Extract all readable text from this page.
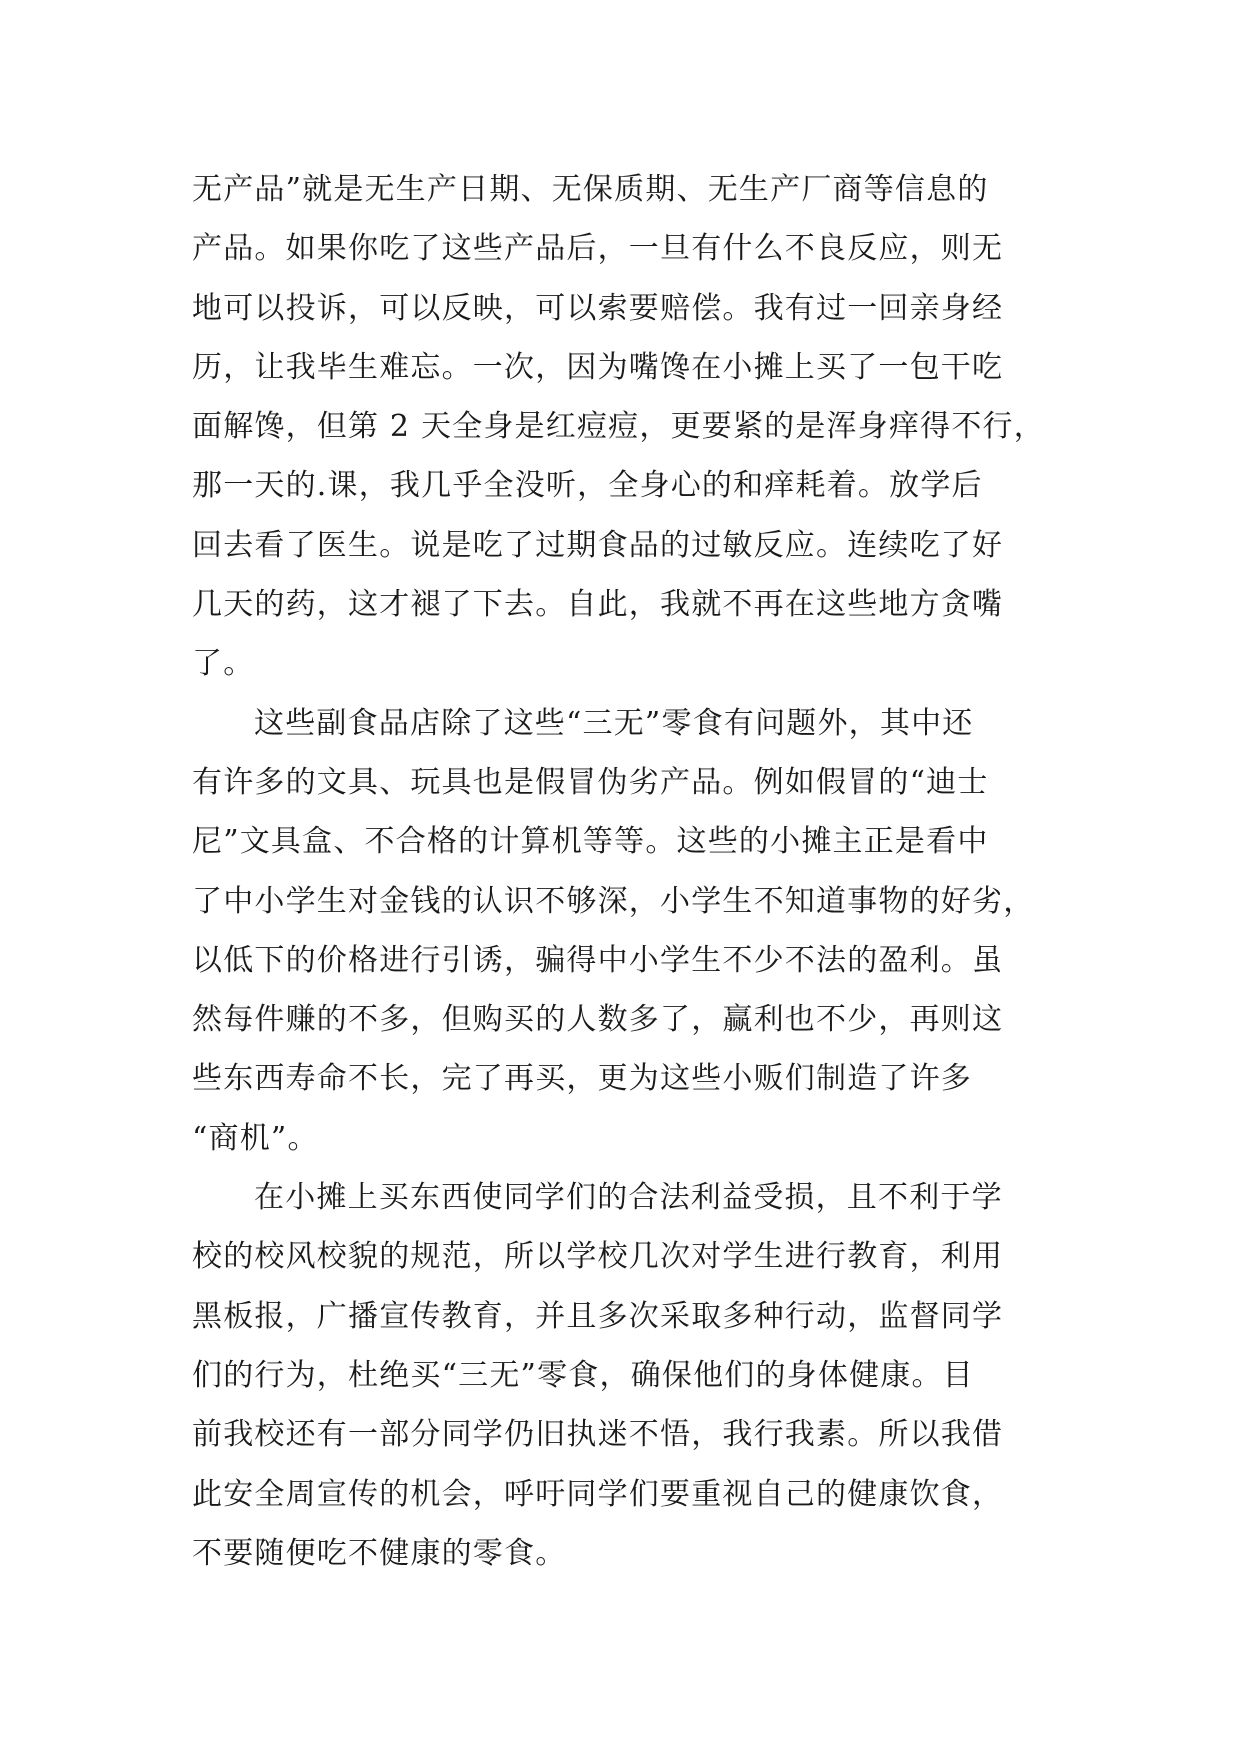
无产品”就是无生产日期、无保质期、无生产厂商等信息的
产品。如果你吃了这些产品后，一旦有什么不良反应，则无
地可以投诉，可以反映，可以索要赔偿。我有过一回亲身经
历，让我毕生难忘。一次，因为嘴馋在小摊上买了一包干吃
面解馋，但第 2 天全身是红痘痘，更要紧的是浑身痒得不行，
那一天的.课，我几乎全没听，全身心的和痒耗着。放学后
回去看了医生。说是吃了过期食品的过敏反应。连续吃了好
几天的药，这才褪了下去。自此，我就不再在这些地方贪嘴
了。
这些副食品店除了这些“三无”零食有问题外，其中还
有许多的文具、玩具也是假冒伪劣产品。例如假冒的“迪士
尼”文具盒、不合格的计算机等等。这些的小摊主正是看中
了中小学生对金钱的认识不够深，小学生不知道事物的好劣，
以低下的价格进行引诱，骗得中小学生不少不法的盈利。虽
然每件赚的不多，但购买的人数多了，赢利也不少，再则这
些东西寿命不长，完了再买，更为这些小贩们制造了许多
“商机”。
在小摊上买东西使同学们的合法利益受损，且不利于学
校的校风校貌的规范，所以学校几次对学生进行教育，利用
黑板报，广播宣传教育，并且多次采取多种行动，监督同学
们的行为，杜绝买“三无”零食，确保他们的身体健康。目
前我校还有一部分同学仍旧执迷不悟，我行我素。所以我借
此安全周宣传的机会，呼吁同学们要重视自己的健康饮食，
不要随便吃不健康的零食。
